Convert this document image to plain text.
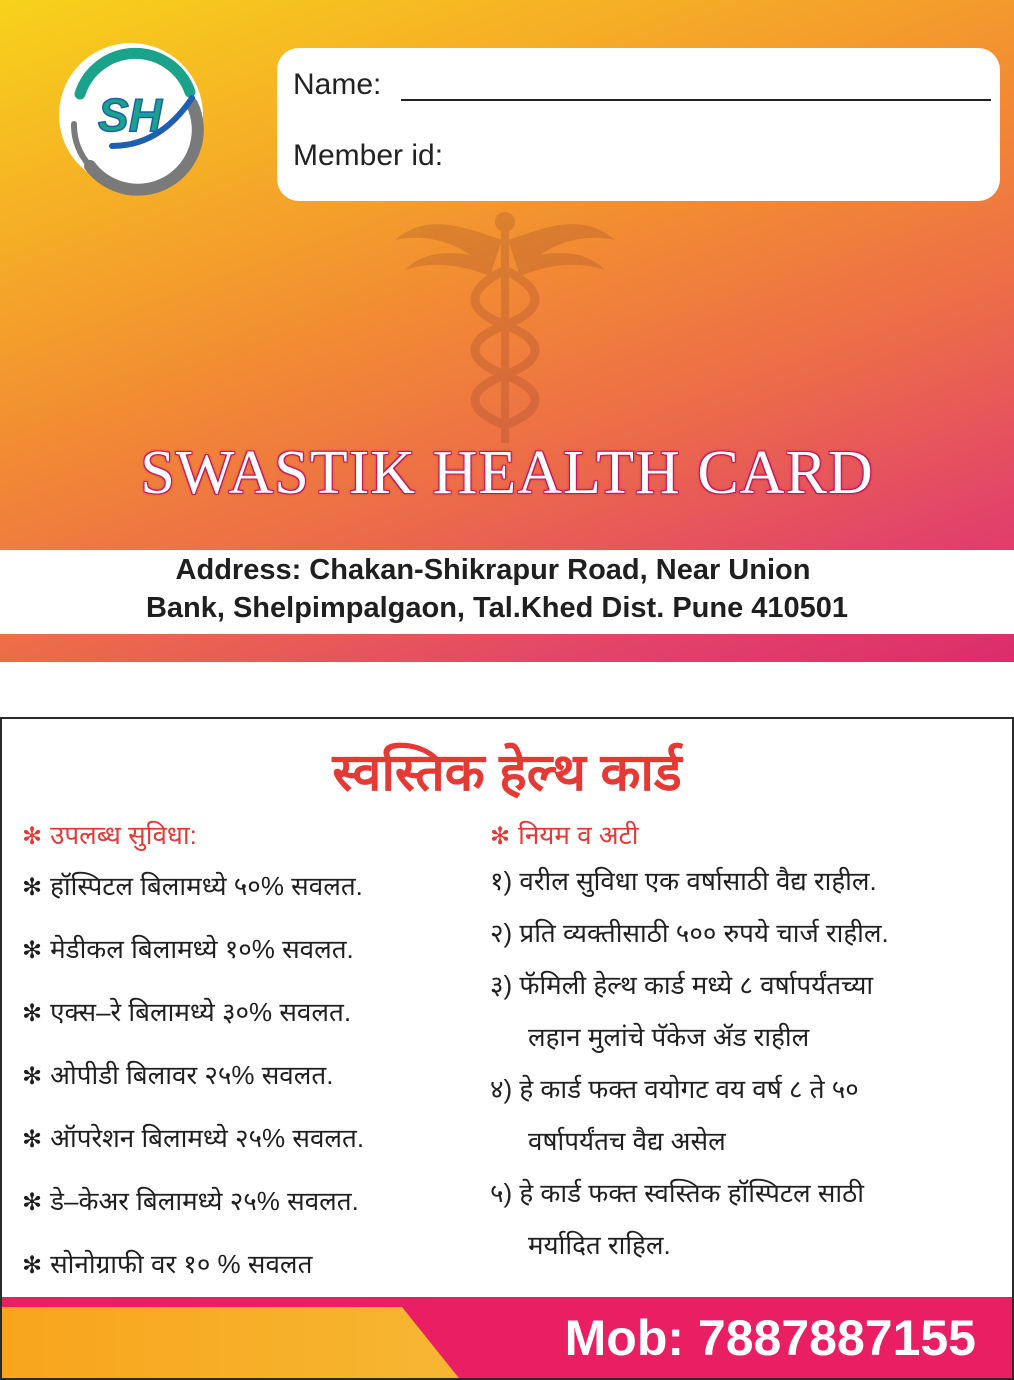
SH
Name:
Member id:
SWASTIK HEALTH CARD
Address: Chakan-Shikrapur Road, Near Union
Bank, Shelpimpalgaon, Tal.Khed Dist. Pune 410501
स्वस्तिक हेल्थ कार्ड
✻ उपलब्ध सुविधा:
✻ हॉस्पिटल बिलामध्ये ५०% सवलत.
✻ मेडीकल बिलामध्ये १०% सवलत.
✻ एक्स–रे बिलामध्ये ३०% सवलत.
✻ ओपीडी बिलावर २५% सवलत.
✻ ऑपरेशन बिलामध्ये २५% सवलत.
✻ डे–केअर बिलामध्ये २५% सवलत.
✻ सोनोग्राफी वर १० % सवलत
✻ नियम व अटी
१) वरील सुविधा एक वर्षासाठी वैद्य राहील.
२) प्रति व्यक्तीसाठी ५०० रुपये चार्ज राहील.
३) फॅमिली हेल्थ कार्ड मध्ये ८ वर्षापर्यंतच्या
लहान मुलांचे पॅकेज ॲड राहील
४) हे कार्ड फक्त वयोगट वय वर्ष ८ ते ५०
वर्षापर्यंतच वैद्य असेल
५) हे कार्ड फक्त स्वस्तिक हॉस्पिटल साठी
मर्यादित राहिल.
Mob: 7887887155
